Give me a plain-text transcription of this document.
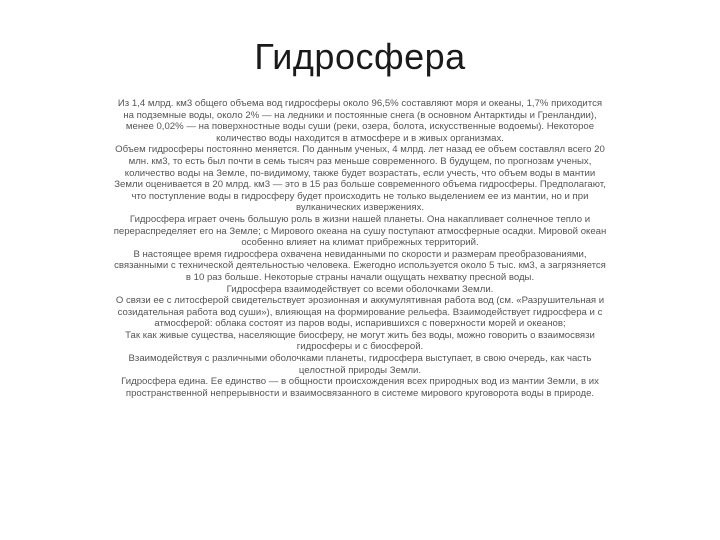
Гидросфера

Из 1,4 млрд. км3 общего объема вод гидросферы около 96,5% составляют моря и океаны, 1,7% приходится на подземные воды, около 2% — на ледники и постоянные снега (в основном Антарктиды и Гренландии), менее 0,02% — на поверхностные воды суши (реки, озера, болота, искусственные водоемы). Некоторое количество воды находится в атмосфере и в живых организмах.

Объем гидросферы постоянно меняется. По данным ученых, 4 млрд. лет назад ее объем составлял всего 20 млн. км3, то есть был почти в семь тысяч раз меньше современного. В будущем, по прогнозам ученых, количество воды на Земле, по-видимому, также будет возрастать, если учесть, что объем воды в мантии Земли оценивается в 20 млрд. км3 — это в 15 раз больше современного объема гидросферы. Предполагают, что поступление воды в гидросферу будет происходить не только выделением ее из мантии, но и при вулканических извержениях.

Гидросфера играет очень большую роль в жизни нашей планеты. Она накапливает солнечное тепло и перераспределяет его на Земле; с Мирового океана на сушу поступают атмосферные осадки. Мировой океан особенно влияет на климат прибрежных территорий.

В настоящее время гидросфера охвачена невиданными по скорости и размерам преобразованиями, связанными с технической деятельностью человека. Ежегодно используется около 5 тыс. км3, а загрязняется в 10 раз больше. Некоторые страны начали ощущать нехватку пресной воды.

Гидросфера взаимодействует со всеми оболочками Земли.

О связи ее с литосферой свидетельствует эрозионная и аккумулятивная работа вод (см. «Разрушительная и созидательная работа вод суши»), влияющая на формирование рельефа. Взаимодействует гидросфера и с атмосферой: облака состоят из паров воды, испарившихся с поверхности морей и океанов;

Так как живые существа, населяющие биосферу, не могут жить без воды, можно говорить о взаимосвязи гидросферы и с биосферой.

Взаимодействуя с различными оболочками планеты, гидросфера выступает, в свою очередь, как часть целостной природы Земли.

Гидросфера едина. Ее единство — в общности происхождения всех природных вод из мантии Земли, в их пространственной непрерывности и взаимосвязанного в системе мирового круговорота воды в природе.
